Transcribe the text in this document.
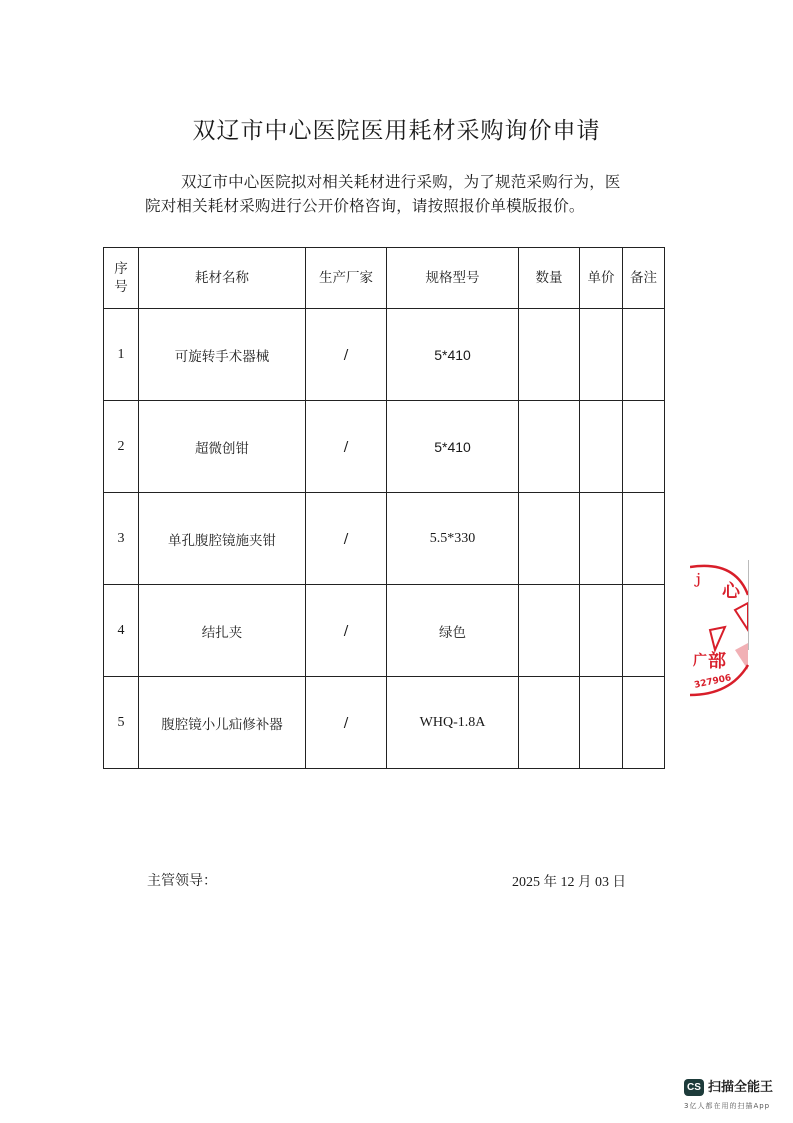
双辽市中心医院医用耗材采购询价申请
双辽市中心医院拟对相关耗材进行采购，为了规范采购行为，医
院对相关耗材采购进行公开价格咨询，请按照报价单模版报价。
序
号	耗材名称	生产厂家	规格型号	数量	单价	备注
1	可旋转手术器械	/	5*410			
2	超微创钳	/	5*410			
3	单孔腹腔镜施夹钳	/	5.5*330			
4	结扎夹	/	绿色			
5	腹腔镜小儿疝修补器	/	WHQ-1.8A			
主管领导：	2025 年 12 月 03 日
ｊ
心
广 部
327906
CS 扫描全能王
3亿人都在用的扫描App
